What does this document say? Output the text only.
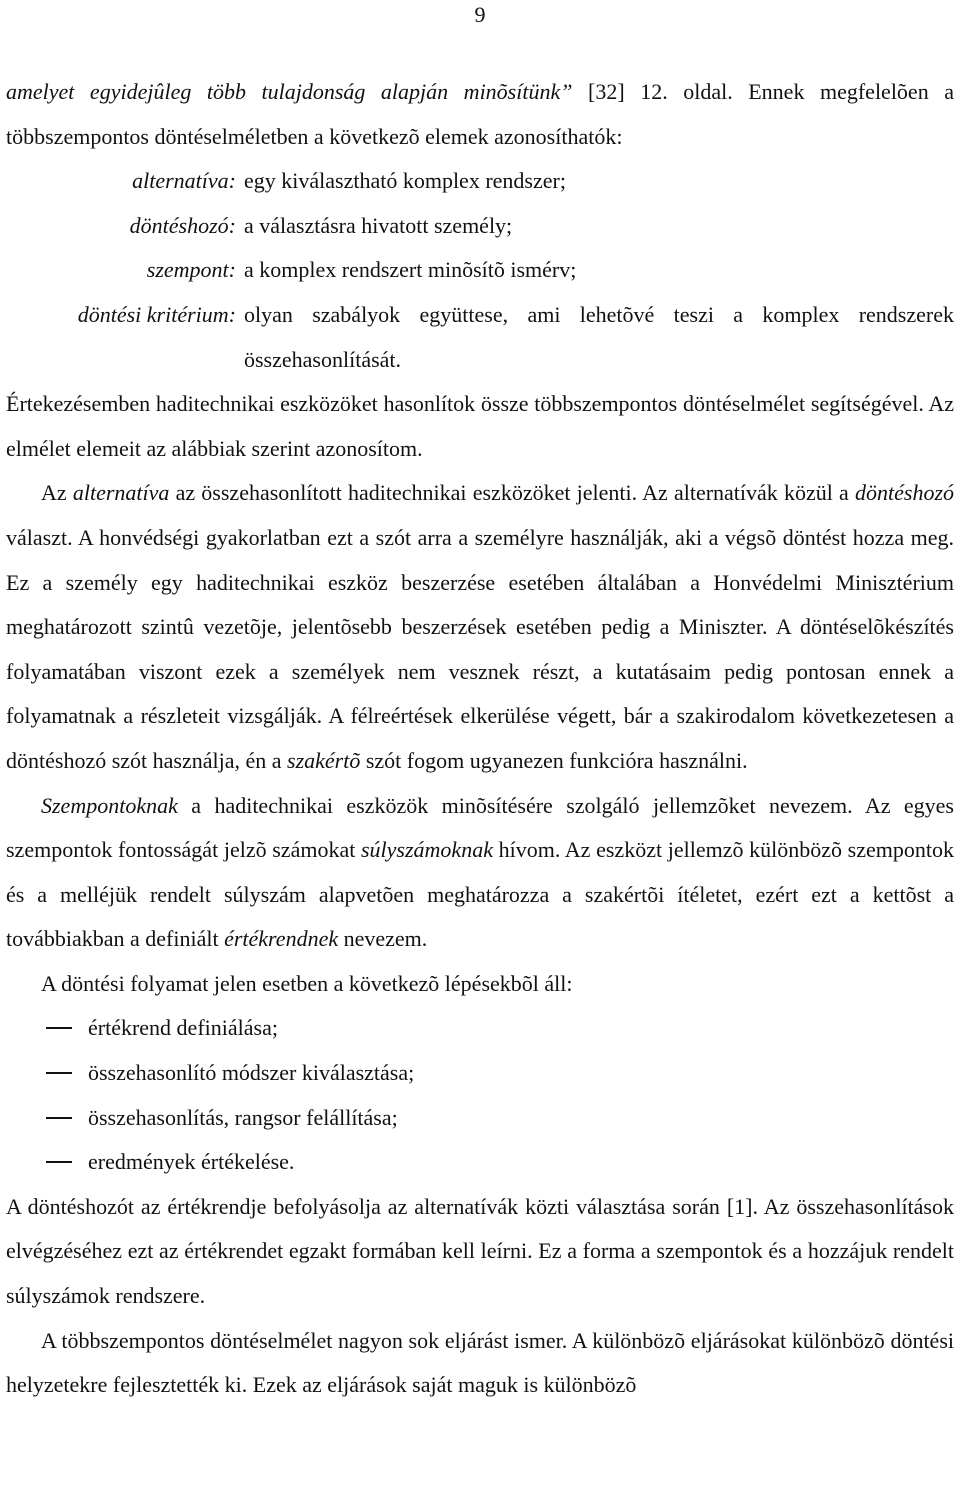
9

amelyet egyidejûleg több tulajdonság alapján minõsítünk” [32] 12. oldal. Ennek megfelelõen a többszempontos döntéselméletben a következõ elemek azonosíthatók:

alternatíva: egy kiválasztható komplex rendszer;
döntéshozó: a választásra hivatott személy;
szempont: a komplex rendszert minõsítõ ismérv;
döntési kritérium: olyan szabályok együttese, ami lehetõvé teszi a komplex rendszerek összehasonlítását.

Értekezésemben haditechnikai eszközöket hasonlítok össze többszempontos döntéselmélet segítségével. Az elmélet elemeit az alábbiak szerint azonosítom.

Az alternatíva az összehasonlított haditechnikai eszközöket jelenti. Az alternatívák közül a döntéshozó választ. A honvédségi gyakorlatban ezt a szót arra a személyre használják, aki a végsõ döntést hozza meg. Ez a személy egy haditechnikai eszköz beszerzése esetében általában a Honvédelmi Minisztérium meghatározott szintû vezetõje, jelentõsebb beszerzések esetében pedig a Miniszter. A döntéselõkészítés folyamatában viszont ezek a személyek nem vesznek részt, a kutatásaim pedig pontosan ennek a folyamatnak a részleteit vizsgálják. A félreértések elkerülése végett, bár a szakirodalom következetesen a döntéshozó szót használja, én a szakértõ szót fogom ugyanezen funkcióra használni.

Szempontoknak a haditechnikai eszközök minõsítésére szolgáló jellemzõket nevezem. Az egyes szempontok fontosságát jelzõ számokat súlyszámoknak hívom. Az eszközt jellemzõ különbözõ szempontok és a melléjük rendelt súlyszám alapvetõen meghatározza a szakértõi ítéletet, ezért ezt a kettõst a továbbiakban a definiált értékrendnek nevezem.

A döntési folyamat jelen esetben a következõ lépésekbõl áll:

értékrend definiálása;
összehasonlító módszer kiválasztása;
összehasonlítás, rangsor felállítása;
eredmények értékelése.

A döntéshozót az értékrendje befolyásolja az alternatívák közti választása során [1]. Az összehasonlítások elvégzéséhez ezt az értékrendet egzakt formában kell leírni. Ez a forma a szempontok és a hozzájuk rendelt súlyszámok rendszere.

A többszempontos döntéselmélet nagyon sok eljárást ismer. A különbözõ eljárásokat különbözõ döntési helyzetekre fejlesztették ki. Ezek az eljárások saját maguk is különbözõ
